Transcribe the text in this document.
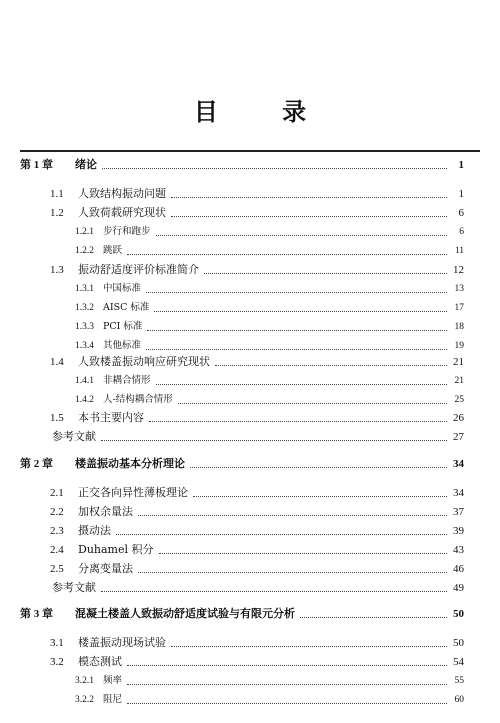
目 录
第 1 章	绪论	1
1.1	人致结构振动问题	1
1.2	人致荷载研究现状	6
1.2.1 步行和跑步	6
1.2.2 跳跃	11
1.3	振动舒适度评价标准简介	12
1.3.1 中国标准	13
1.3.2 AISC 标准	17
1.3.3 PCI 标准	18
1.3.4 其他标准	19
1.4	人致楼盖振动响应研究现状	21
1.4.1 非耦合情形	21
1.4.2 人-结构耦合情形	25
1.5	本书主要内容	26
参考文献	27
第 2 章	楼盖振动基本分析理论	34
2.1	正交各向异性薄板理论	34
2.2	加权余量法	37
2.3	摄动法	39
2.4	Duhamel 积分	43
2.5	分离变量法	46
参考文献	49
第 3 章	混凝土楼盖人致振动舒适度试验与有限元分析	50
3.1	楼盖振动现场试验	50
3.2	模态测试	54
3.2.1 频率	55
3.2.2 阻尼	60
